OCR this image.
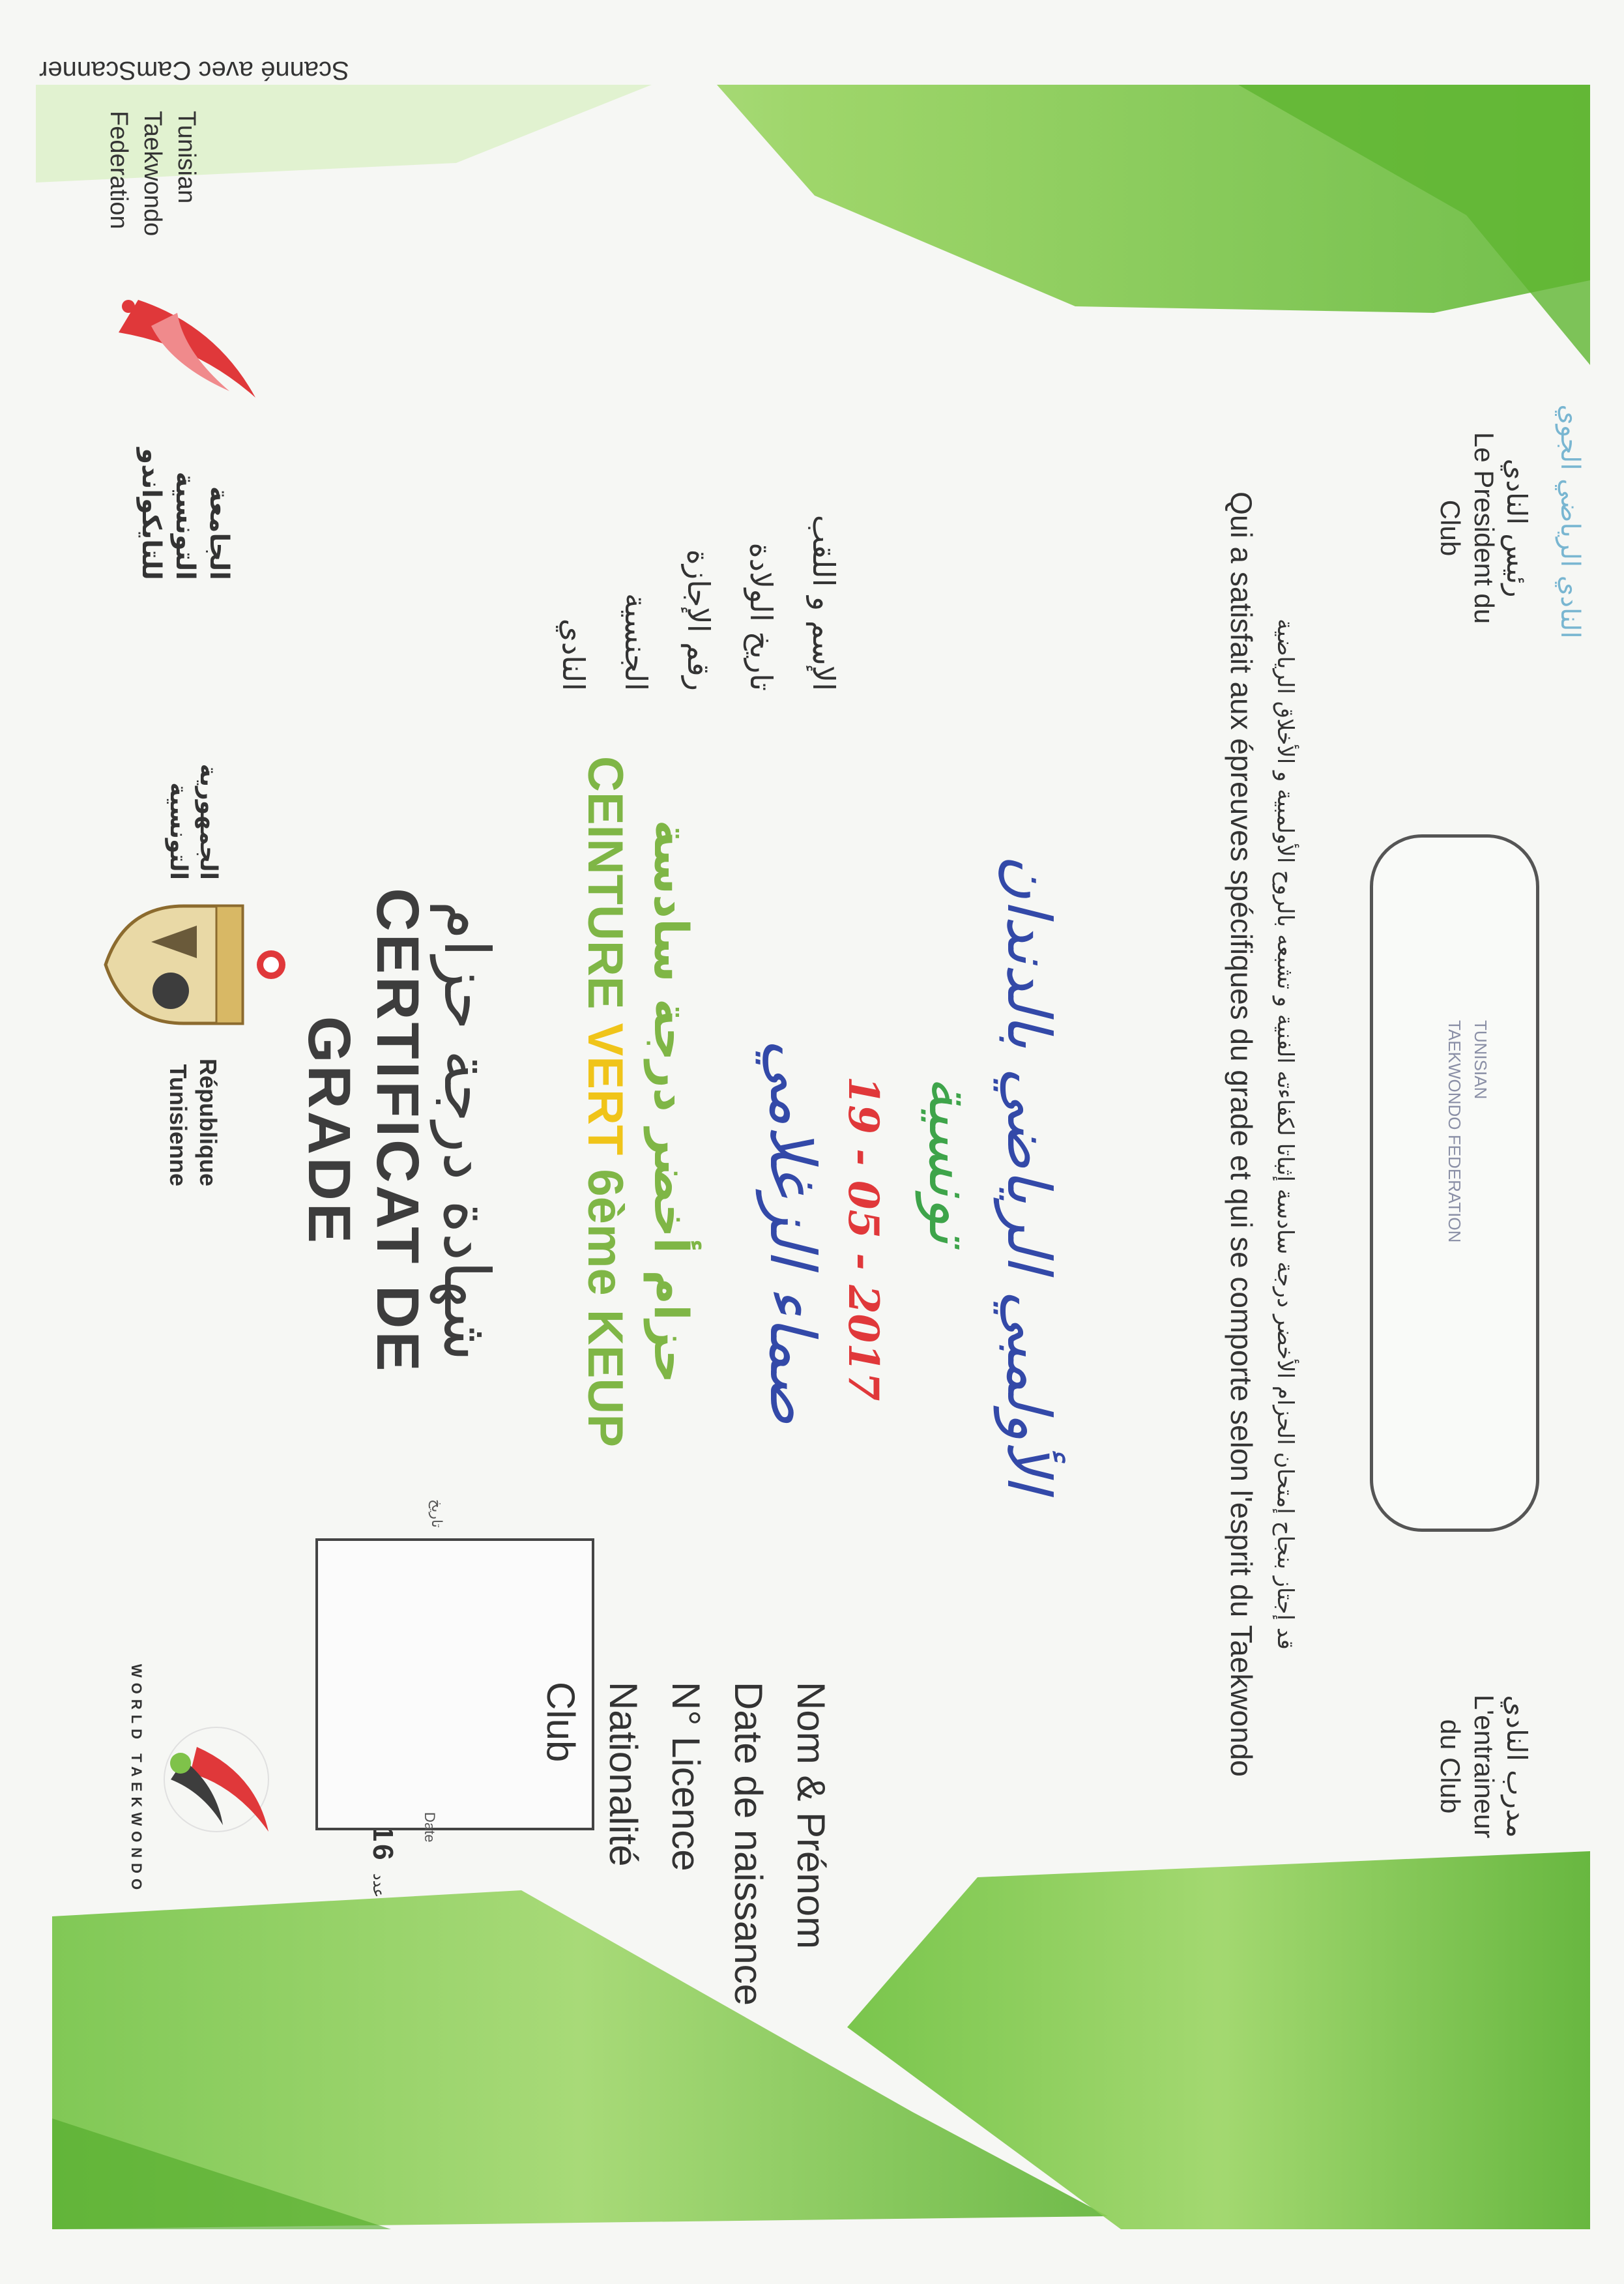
Scanné avec CamScanner
WORLD TAEKWONDO
République
Tunisienne
الجمهورية
التونسية
الجامعة
التونسية
للتايكواندو
Tunisian
Taekwondo
Federation
عدد
Date
تاريخ
CERTIFICAT DE GRADE	شهادة درجة حزام
CEINTURE VERT 6ème KEUP حزام أخضر درجة سادسة
Nom & Prénom
Date de naissance
N° Licence
Nationalité
Club
صماء الزغلامي 19 - 05 - 2017 تونسية الأولمبي الرياضي بالدندان
الإسم و اللقب
تاريخ الولادة
رقم الإجازة
الجنسية
النادي	Qui a satisfait aux épreuves spécifiques du grade et qui se comporte selon l'esprit du Taekwondo قد إجتاز بنجاح إمتحان الحزام الأخضر درجة سادسة إثباتا لكفاءته الفنية و تشبعه بالروح الأولمبية و الأخلاق الرياضية
مدرب النادي
L'entraineur
du Club
TUNISIAN
TAEKWONDO FEDERATION
رئيس النادي
Le President du
Club	النادي الرياضي الجوي
